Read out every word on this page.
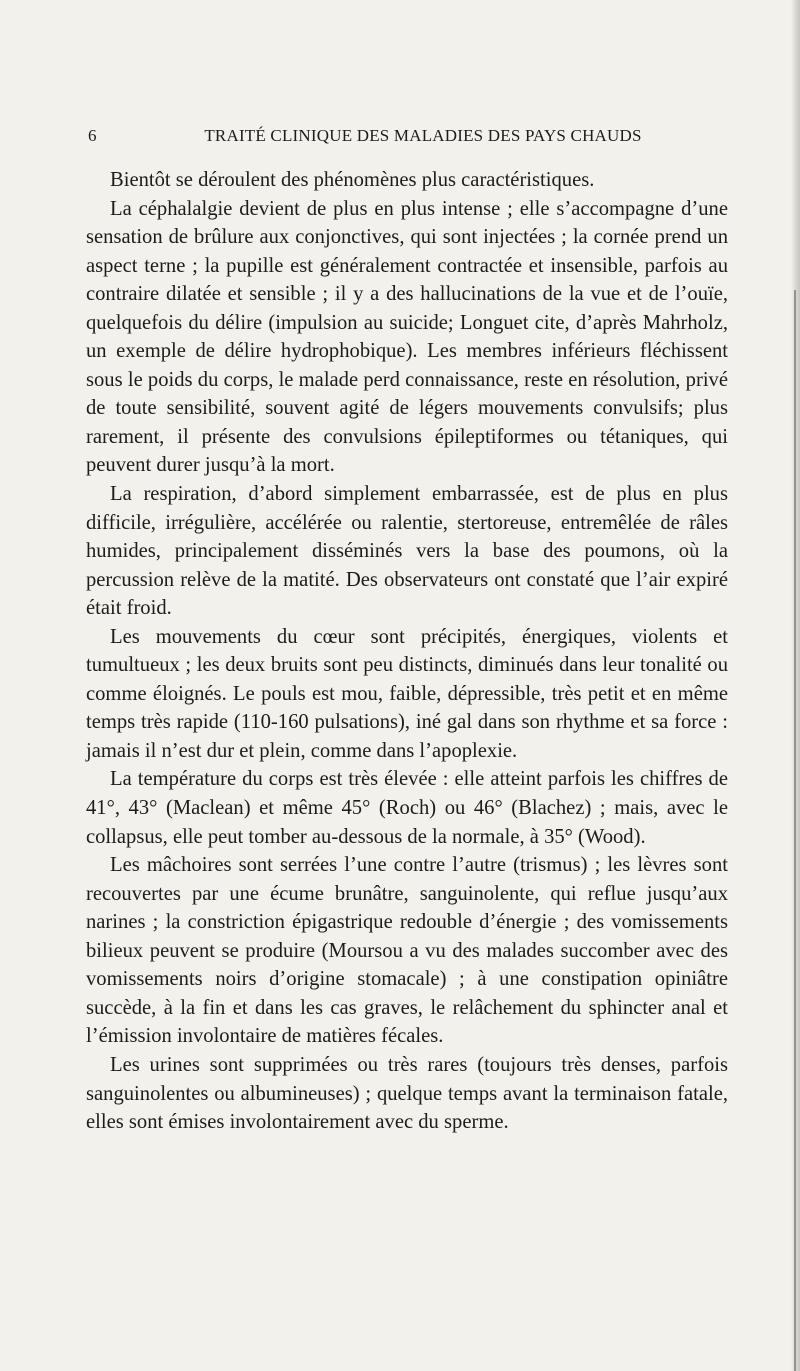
6	TRAITÉ CLINIQUE DES MALADIES DES PAYS CHAUDS

Bientôt se déroulent des phénomènes plus caractéristiques.

La céphalalgie devient de plus en plus intense ; elle s’accompagne d’une sensation de brûlure aux conjonctives, qui sont injectées ; la cornée prend un aspect terne ; la pupille est généralement contractée et insensible, parfois au contraire dilatée et sensible ; il y a des hallucinations de la vue et de l’ouïe, quelquefois du délire (impulsion au suicide; Longuet cite, d’après Mahrholz, un exemple de délire hydrophobique). Les membres inférieurs fléchissent sous le poids du corps, le malade perd connaissance, reste en résolution, privé de toute sensibilité, souvent agité de légers mouvements convulsifs; plus rarement, il présente des convulsions épileptiformes ou tétaniques, qui peuvent durer jusqu’à la mort.

La respiration, d’abord simplement embarrassée, est de plus en plus difficile, irrégulière, accélérée ou ralentie, stertoreuse, entremêlée de râles humides, principalement disséminés vers la base des poumons, où la percussion relève de la matité. Des observateurs ont constaté que l’air expiré était froid.

Les mouvements du cœur sont précipités, énergiques, violents et tumultueux ; les deux bruits sont peu distincts, diminués dans leur tonalité ou comme éloignés. Le pouls est mou, faible, dépressible, très petit et en même temps très rapide (110-160 pulsations), iné gal dans son rhythme et sa force : jamais il n’est dur et plein, comme dans l’apoplexie.

La température du corps est très élevée : elle atteint parfois les chiffres de 41°, 43° (Maclean) et même 45° (Roch) ou 46° (Blachez) ; mais, avec le collapsus, elle peut tomber au-dessous de la normale, à 35° (Wood).

Les mâchoires sont serrées l’une contre l’autre (trismus) ; les lèvres sont recouvertes par une écume brunâtre, sanguinolente, qui reflue jusqu’aux narines ; la constriction épigastrique redouble d’énergie ; des vomissements bilieux peuvent se produire (Moursou a vu des malades succomber avec des vomissements noirs d’origine stomacale) ; à une constipation opiniâtre succède, à la fin et dans les cas graves, le relâchement du sphincter anal et l’émission involontaire de matières fécales.

Les urines sont supprimées ou très rares (toujours très denses, parfois sanguinolentes ou albumineuses) ; quelque temps avant la terminaison fatale, elles sont émises involontairement avec du sperme.
